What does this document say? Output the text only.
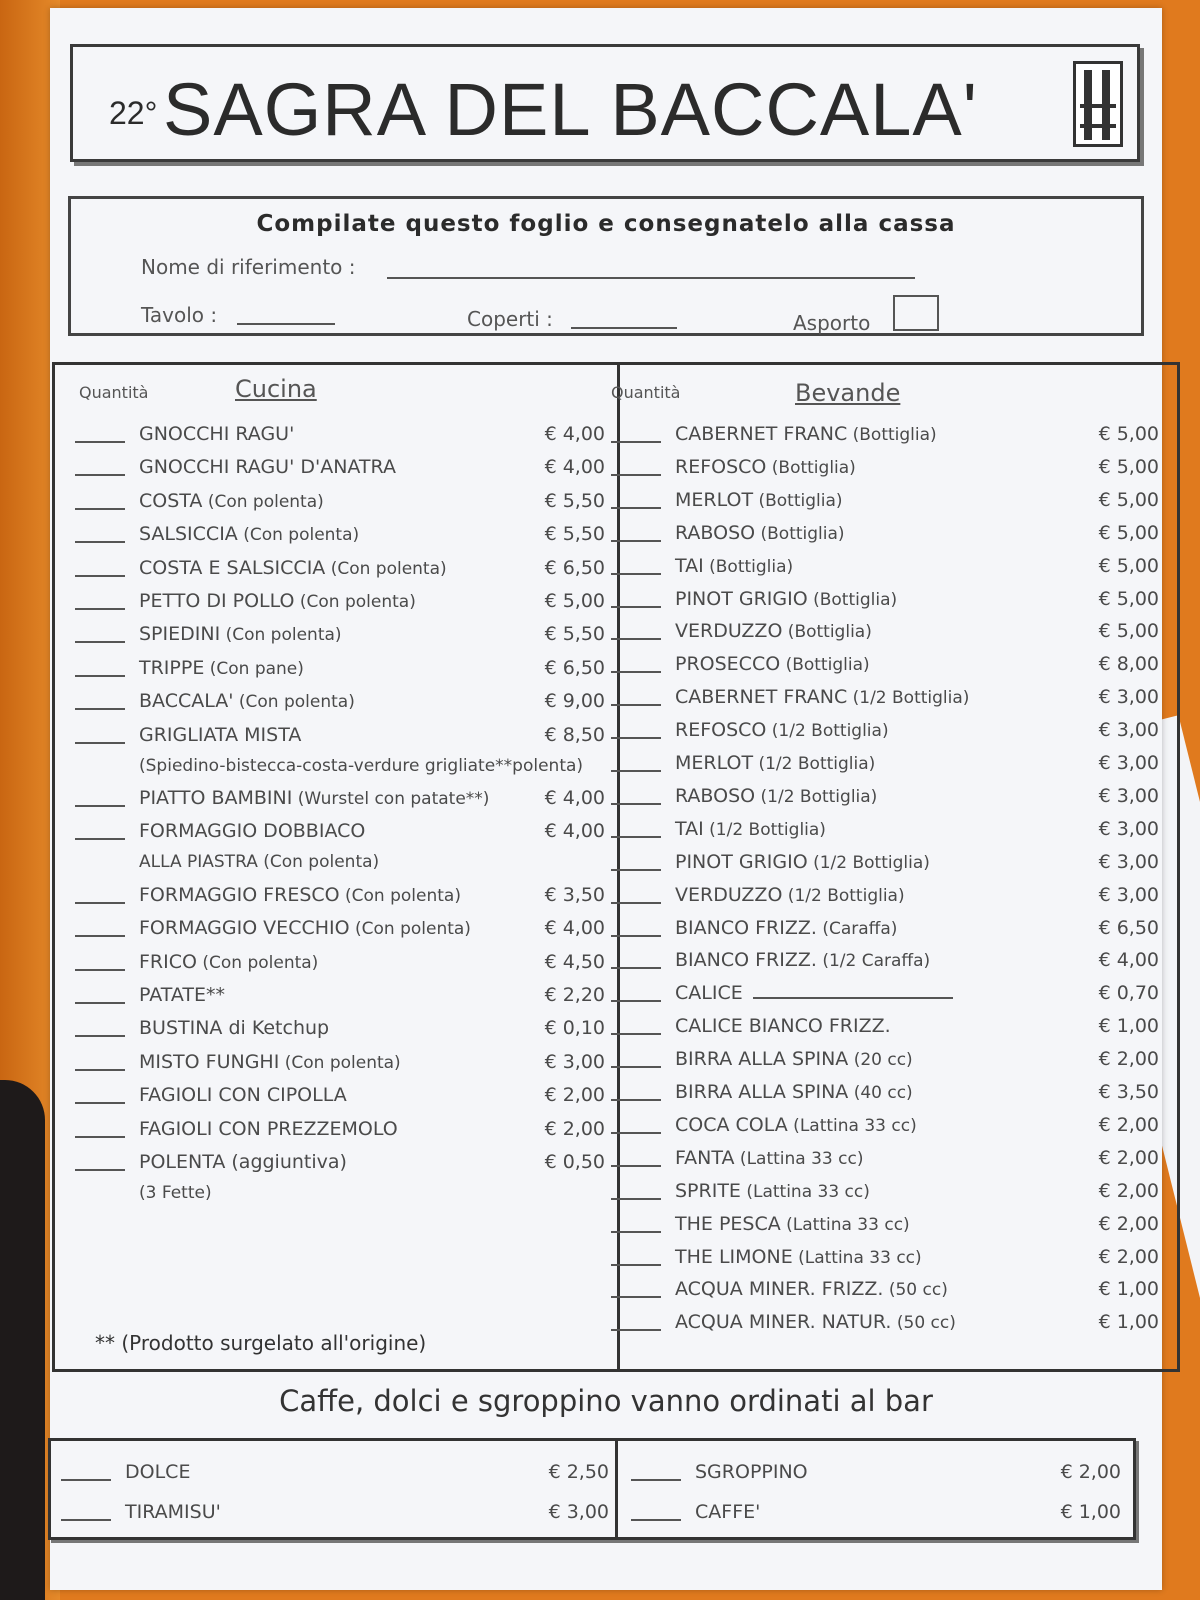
22° SAGRA DEL BACCALA'
Compilate questo foglio e consegnatelo alla cassa
Nome di riferimento :
Tavolo :	Coperti :	Asporto
Quantità	Cucina	Quantità	Bevande
GNOCCHI RAGU'	€ 4,00
GNOCCHI RAGU' D'ANATRA	€ 4,00
COSTA (Con polenta)	€ 5,50
SALSICCIA (Con polenta)	€ 5,50
COSTA E SALSICCIA (Con polenta)	€ 6,50
PETTO DI POLLO (Con polenta)	€ 5,00
SPIEDINI (Con polenta)	€ 5,50
TRIPPE (Con pane)	€ 6,50
BACCALA' (Con polenta)	€ 9,00
GRIGLIATA MISTA	€ 8,50
(Spiedino-bistecca-costa-verdure grigliate**polenta)
PIATTO BAMBINI (Wurstel con patate**)	€ 4,00
FORMAGGIO DOBBIACO	€ 4,00
ALLA PIASTRA (Con polenta)
FORMAGGIO FRESCO (Con polenta)	€ 3,50
FORMAGGIO VECCHIO (Con polenta)	€ 4,00
FRICO (Con polenta)	€ 4,50
PATATE**	€ 2,20
BUSTINA di Ketchup	€ 0,10
MISTO FUNGHI (Con polenta)	€ 3,00
FAGIOLI CON CIPOLLA	€ 2,00
FAGIOLI CON PREZZEMOLO	€ 2,00
POLENTA (aggiuntiva)	€ 0,50
(3 Fette)
CABERNET FRANC (Bottiglia)	€ 5,00
REFOSCO (Bottiglia)	€ 5,00
MERLOT (Bottiglia)	€ 5,00
RABOSO (Bottiglia)	€ 5,00
TAI (Bottiglia)	€ 5,00
PINOT GRIGIO (Bottiglia)	€ 5,00
VERDUZZO (Bottiglia)	€ 5,00
PROSECCO (Bottiglia)	€ 8,00
CABERNET FRANC (1/2 Bottiglia)	€ 3,00
REFOSCO (1/2 Bottiglia)	€ 3,00
MERLOT (1/2 Bottiglia)	€ 3,00
RABOSO (1/2 Bottiglia)	€ 3,00
TAI (1/2 Bottiglia)	€ 3,00
PINOT GRIGIO (1/2 Bottiglia)	€ 3,00
VERDUZZO (1/2 Bottiglia)	€ 3,00
BIANCO FRIZZ. (Caraffa)	€ 6,50
BIANCO FRIZZ. (1/2 Caraffa)	€ 4,00
CALICE	€ 0,70
CALICE BIANCO FRIZZ.	€ 1,00
BIRRA ALLA SPINA (20 cc)	€ 2,00
BIRRA ALLA SPINA (40 cc)	€ 3,50
COCA COLA (Lattina 33 cc)	€ 2,00
FANTA (Lattina 33 cc)	€ 2,00
SPRITE (Lattina 33 cc)	€ 2,00
THE PESCA (Lattina 33 cc)	€ 2,00
THE LIMONE (Lattina 33 cc)	€ 2,00
ACQUA MINER. FRIZZ. (50 cc)	€ 1,00
ACQUA MINER. NATUR. (50 cc)	€ 1,00
** (Prodotto surgelato all'origine)
Caffe, dolci e sgroppino vanno ordinati al bar
DOLCE	€ 2,50
TIRAMISU'	€ 3,00
SGROPPINO	€ 2,00
CAFFE'	€ 1,00
